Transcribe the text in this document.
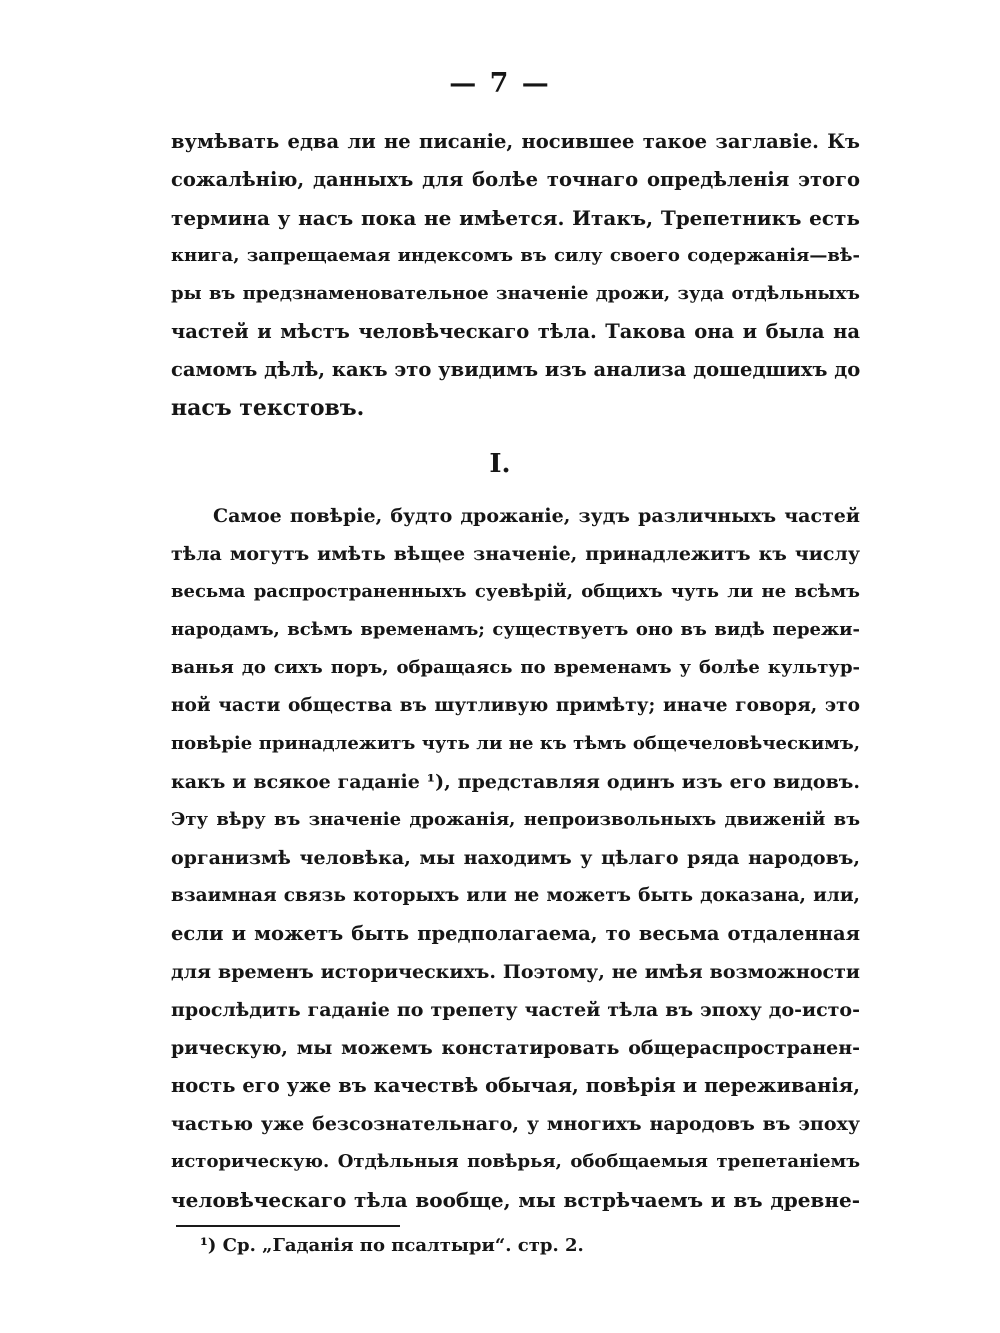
— 7 —
вумѣвать едва ли не писаніе, носившее такое заглавіе. Къ
сожалѣнію, данныхъ для болѣе точнаго опредѣленія этого
термина у насъ пока не имѣется. Итакъ, Трепетникъ есть
книга, запрещаемая индексомъ въ силу своего содержанія—вѣ-
ры въ предзнаменовательное значеніе дрожи, зуда отдѣльныхъ
частей и мѣстъ человѣческаго тѣла. Такова она и была на
самомъ дѣлѣ, какъ это увидимъ изъ анализа дошедшихъ до
насъ текстовъ.
I.
Самое повѣріе, будто дрожаніе, зудъ различныхъ частей
тѣла могутъ имѣть вѣщее значеніе, принадлежитъ къ числу
весьма распространенныхъ суевѣрій, общихъ чуть ли не всѣмъ
народамъ, всѣмъ временамъ; существуетъ оно въ видѣ пережи-
ванья до сихъ поръ, обращаясь по временамъ у болѣе культур-
ной части общества въ шутливую примѣту; иначе говоря, это
повѣріе принадлежитъ чуть ли не къ тѣмъ общечеловѣческимъ,
какъ и всякое гаданіе ¹), представляя одинъ изъ его видовъ.
Эту вѣру въ значеніе дрожанія, непроизвольныхъ движеній въ
организмѣ человѣка, мы находимъ у цѣлаго ряда народовъ,
взаимная связь которыхъ или не можетъ быть доказана, или,
если и можетъ быть предполагаема, то весьма отдаленная
для временъ историческихъ. Поэтому, не имѣя возможности
прослѣдить гаданіе по трепету частей тѣла въ эпоху до-исто-
рическую, мы можемъ констатировать общераспространен-
ность его уже въ качествѣ обычая, повѣрія и переживанія,
частью уже безсознательнаго, у многихъ народовъ въ эпоху
историческую. Отдѣльныя повѣрья, обобщаемыя трепетаніемъ
человѣческаго тѣла вообще, мы встрѣчаемъ и въ древне-
¹) Ср. „Гаданія по псалтыри“. стр. 2.
